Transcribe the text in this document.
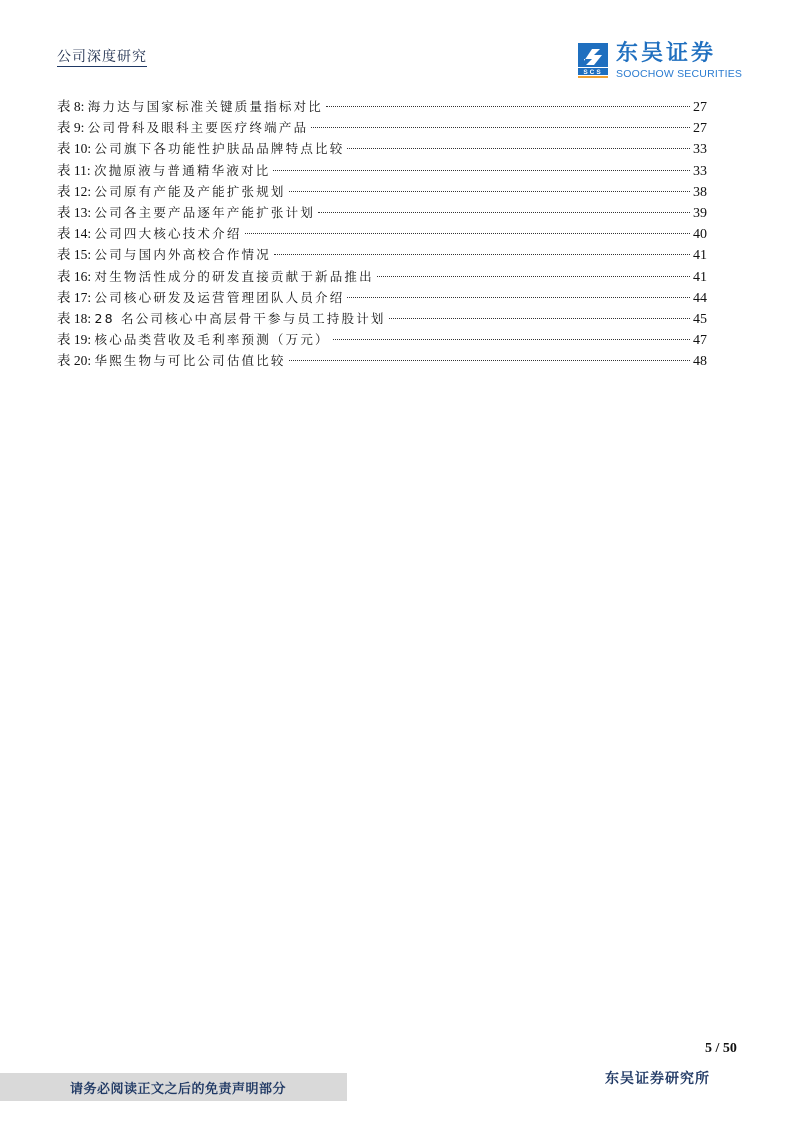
公司深度研究
SCS
东吴证券
SOOCHOW SECURITIES
表 8: 海力达与国家标准关键质量指标对比	27
表 9: 公司骨科及眼科主要医疗终端产品	27
表 10: 公司旗下各功能性护肤品品牌特点比较	33
表 11: 次抛原液与普通精华液对比	33
表 12: 公司原有产能及产能扩张规划	38
表 13: 公司各主要产品逐年产能扩张计划	39
表 14: 公司四大核心技术介绍	40
表 15: 公司与国内外高校合作情况	41
表 16: 对生物活性成分的研发直接贡献于新品推出	41
表 17: 公司核心研发及运营管理团队人员介绍	44
表 18: 28 名公司核心中高层骨干参与员工持股计划	45
表 19: 核心品类营收及毛利率预测（万元）	47
表 20: 华熙生物与可比公司估值比较	48
5 / 50
请务必阅读正文之后的免责声明部分
东吴证券研究所
